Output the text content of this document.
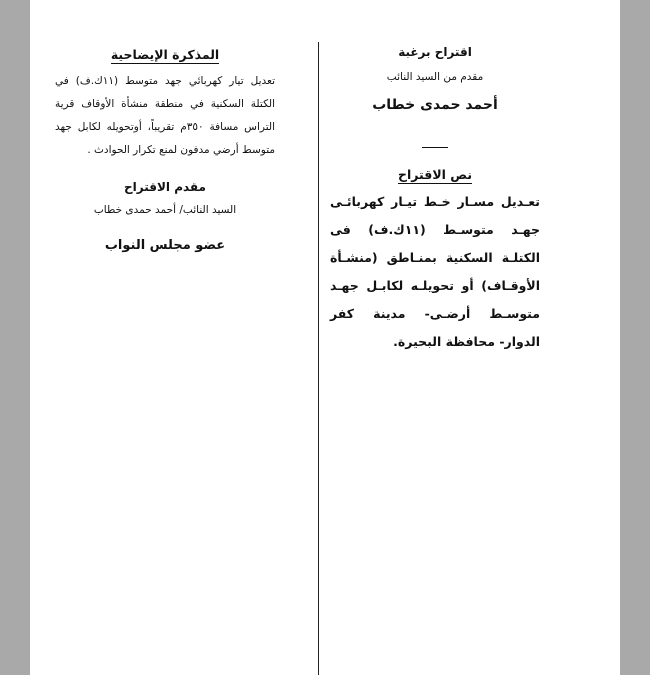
اقتراح برغبة
مقدم من السيد النائب
أحمد حمدى خطاب
نص الاقتراح
تعـديل مسـار خـط تيـار كهربائـى جهـد متوسـط (١١ك.ف) فى الكتلـة السكنية بمنـاطق (منشـأة الأوقـاف) أو تحويلـه لكابـل جهـد متوسـط أرضـى- مدينة كفر الدوار- محافظة البحيرة.
المذكرة الإيضاحية
تعديل تيار كهربائي جهد متوسط (١١ك.ف) في الكتلة السكنية في منطقة منشأة الأوقاف قرية التراس مسافة ٣٥٠م تقريباً، أوتحويله لكابل جهد متوسط أرضي مدفون لمنع تكرار الحوادث .
مقدم الاقتراح
السيد النائب/ أحمد حمدى خطاب
عضو مجلس النواب
